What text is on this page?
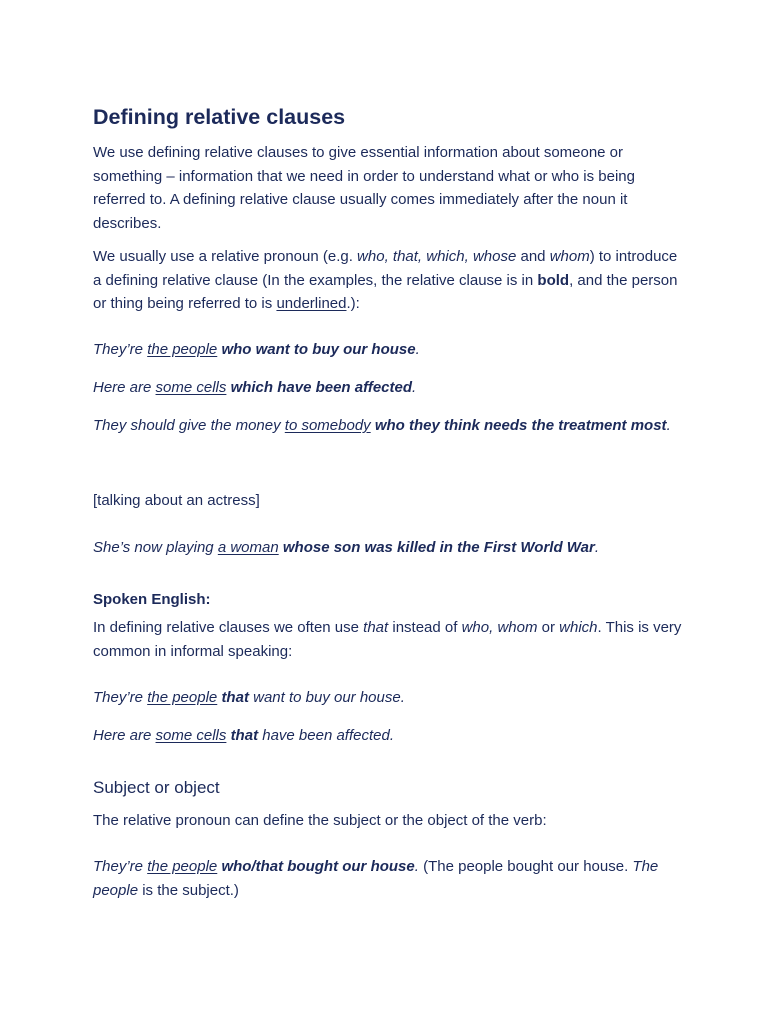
Defining relative clauses

We use defining relative clauses to give essential information about someone or something – information that we need in order to understand what or who is being referred to. A defining relative clause usually comes immediately after the noun it describes.

We usually use a relative pronoun (e.g. who, that, which, whose and whom) to introduce a defining relative clause (In the examples, the relative clause is in bold, and the person or thing being referred to is underlined.):

They’re the people who want to buy our house.

Here are some cells which have been affected.

They should give the money to somebody who they think needs the treatment most.

[talking about an actress]

She’s now playing a woman whose son was killed in the First World War.

Spoken English:

In defining relative clauses we often use that instead of who, whom or which. This is very common in informal speaking:

They’re the people that want to buy our house.

Here are some cells that have been affected.

Subject or object

The relative pronoun can define the subject or the object of the verb:

They’re the people who/that bought our house. (The people bought our house. The people is the subject.)
